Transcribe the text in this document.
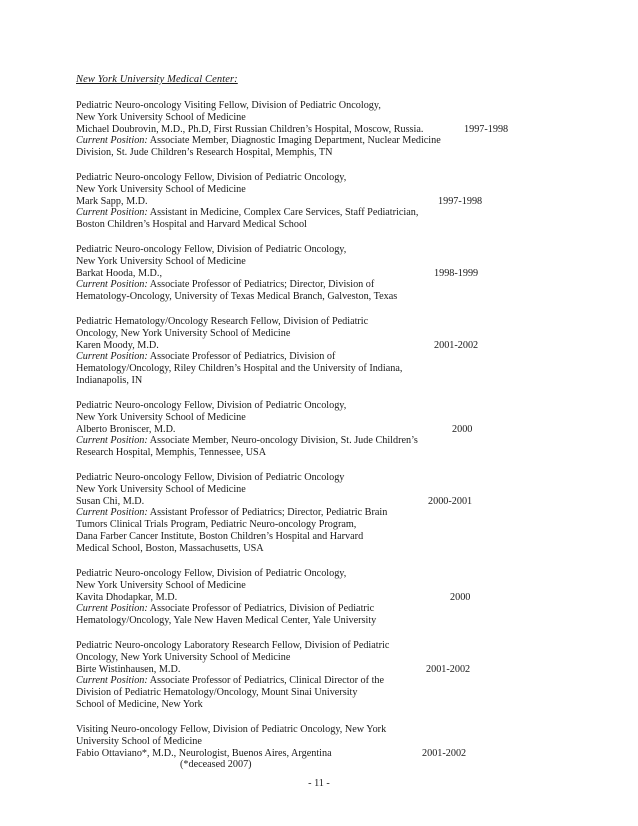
New York University Medical Center:
Pediatric Neuro-oncology Visiting Fellow, Division of Pediatric Oncology,
New York University School of Medicine
Michael Doubrovin, M.D., Ph.D, First Russian Children’s Hospital, Moscow, Russia.	1997-1998
Current Position: Associate Member, Diagnostic Imaging Department, Nuclear Medicine
Division, St. Jude Children’s Research Hospital, Memphis, TN
Pediatric Neuro-oncology Fellow, Division of Pediatric Oncology,
New York University School of Medicine
Mark Sapp, M.D.	1997-1998
Current Position: Assistant in Medicine, Complex Care Services, Staff Pediatrician,
Boston Children’s Hospital and Harvard Medical School
Pediatric Neuro-oncology Fellow, Division of Pediatric Oncology,
New York University School of Medicine
Barkat Hooda, M.D.,	1998-1999
Current Position: Associate Professor of Pediatrics; Director, Division of
Hematology-Oncology, University of Texas Medical Branch, Galveston, Texas
Pediatric Hematology/Oncology Research Fellow, Division of Pediatric
Oncology, New York University School of Medicine
Karen Moody, M.D.	2001-2002
Current Position: Associate Professor of Pediatrics, Division of
Hematology/Oncology, Riley Children’s Hospital and the University of Indiana,
Indianapolis, IN
Pediatric Neuro-oncology Fellow, Division of Pediatric Oncology,
New York University School of Medicine
Alberto Broniscer, M.D.	2000
Current Position: Associate Member, Neuro-oncology Division, St. Jude Children’s
Research Hospital, Memphis, Tennessee, USA
Pediatric Neuro-oncology Fellow, Division of Pediatric Oncology
New York University School of Medicine
Susan Chi, M.D.	2000-2001
Current Position: Assistant Professor of Pediatrics; Director, Pediatric Brain
Tumors Clinical Trials Program, Pediatric Neuro-oncology Program,
Dana Farber Cancer Institute, Boston Children’s Hospital and Harvard
Medical School, Boston, Massachusetts, USA
Pediatric Neuro-oncology Fellow, Division of Pediatric Oncology,
New York University School of Medicine
Kavita Dhodapkar, M.D.	2000
Current Position: Associate Professor of Pediatrics, Division of Pediatric
Hematology/Oncology, Yale New Haven Medical Center, Yale University
Pediatric Neuro-oncology Laboratory Research Fellow, Division of Pediatric
Oncology, New York University School of Medicine
Birte Wistinhausen, M.D.	2001-2002
Current Position: Associate Professor of Pediatrics, Clinical Director of the
Division of Pediatric Hematology/Oncology, Mount Sinai University
School of Medicine, New York
Visiting Neuro-oncology Fellow, Division of Pediatric Oncology, New York
University School of Medicine
Fabio Ottaviano*, M.D., Neurologist, Buenos Aires, Argentina	2001-2002
(*deceased 2007)
- 11 -
